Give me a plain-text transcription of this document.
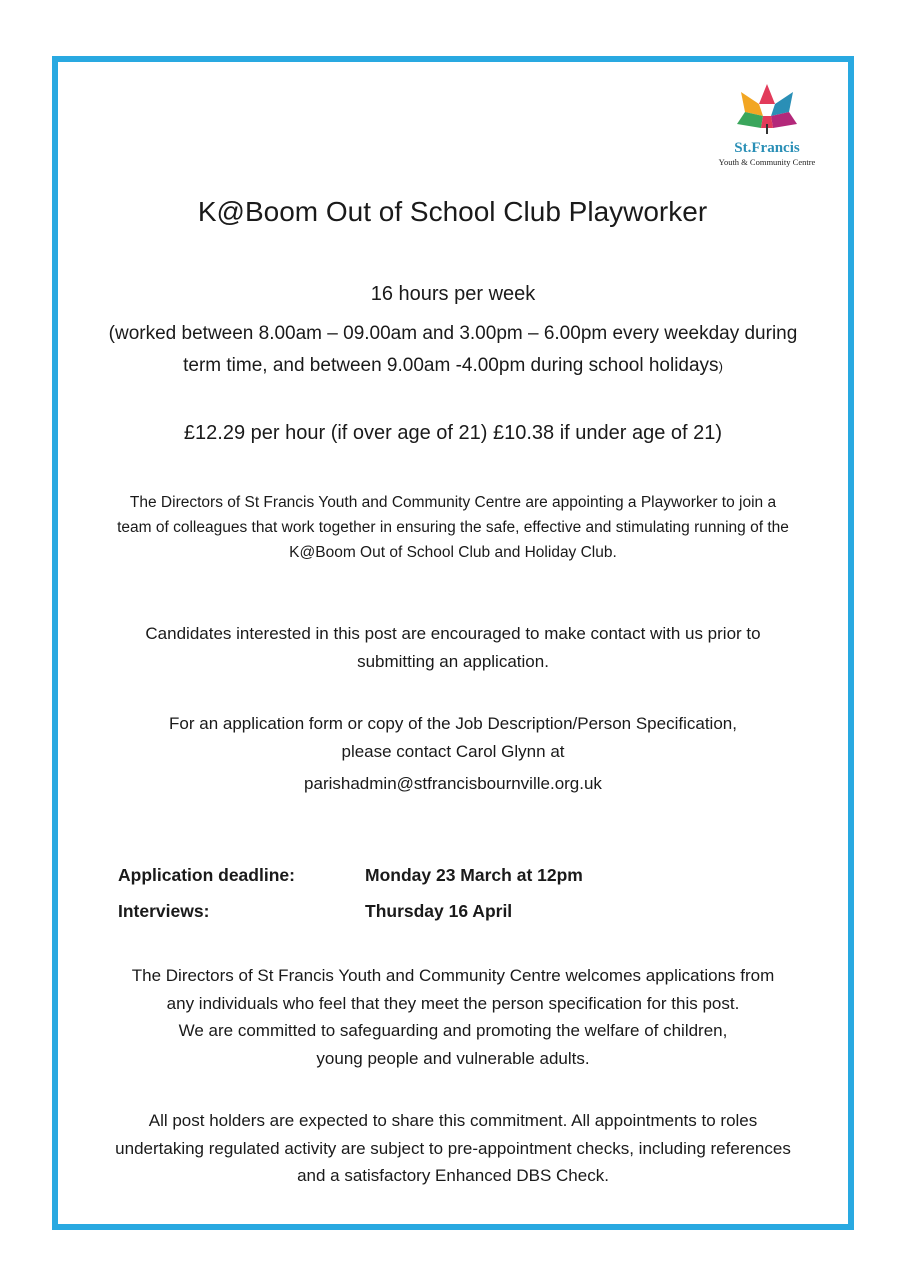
St.Francis
Youth & Community Centre
K@Boom Out of School Club Playworker
16 hours per week
(worked between 8.00am – 09.00am and 3.00pm – 6.00pm every weekday during
term time, and between 9.00am -4.00pm during school holidays)
£12.29 per hour (if over age of 21) £10.38 if under age of 21)
The Directors of St Francis Youth and Community Centre are appointing a Playworker to join a
team of colleagues that work together in ensuring the safe, effective and stimulating running of the
K@Boom Out of School Club and Holiday Club.
Candidates interested in this post are encouraged to make contact with us prior to
submitting an application.
For an application form or copy of the Job Description/Person Specification,
please contact Carol Glynn at
parishadmin@stfrancisbournville.org.uk
Application deadline:	Monday 23 March at 12pm
Interviews:	Thursday 16 April
The Directors of St Francis Youth and Community Centre welcomes applications from
any individuals who feel that they meet the person specification for this post.
We are committed to safeguarding and promoting the welfare of children,
young people and vulnerable adults.
All post holders are expected to share this commitment. All appointments to roles
undertaking regulated activity are subject to pre-appointment checks, including references
and a satisfactory Enhanced DBS Check.
